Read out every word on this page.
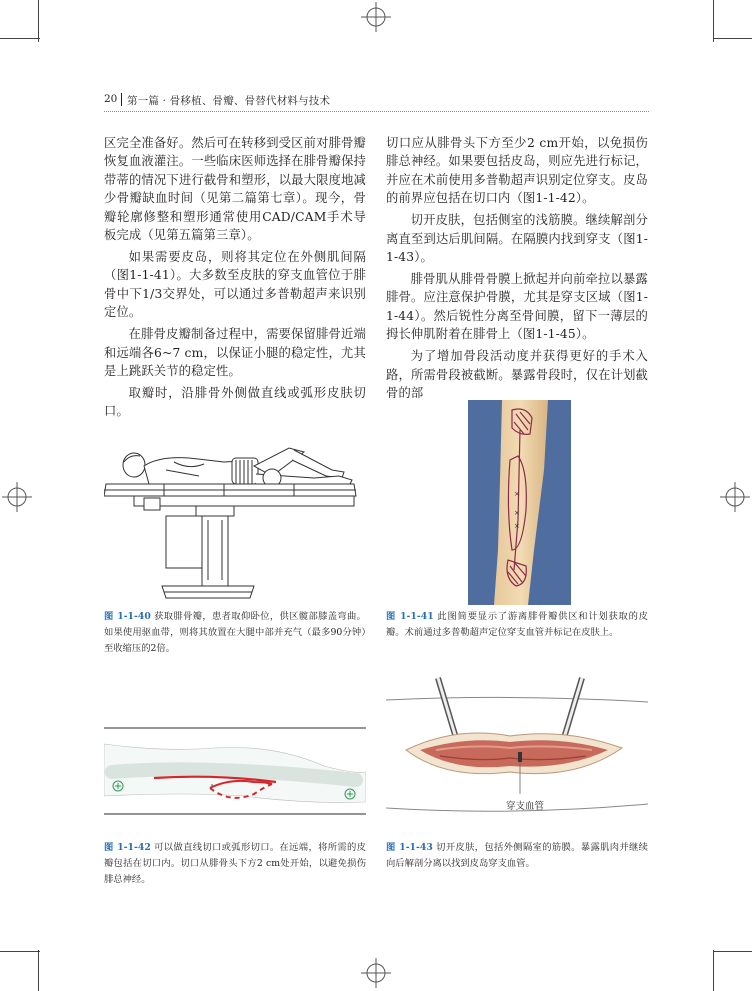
20 第一篇 · 骨移植、骨瓣、骨替代材料与技术

区完全准备好。然后可在转移到受区前对腓骨瓣恢复血液灌注。一些临床医师选择在腓骨瓣保持带蒂的情况下进行截骨和塑形，以最大限度地减少骨瓣缺血时间（见第二篇第七章）。现今，骨瓣轮廓修整和塑形通常使用CAD/CAM手术导板完成（见第五篇第三章）。

如果需要皮岛，则将其定位在外侧肌间隔（图1-1-41）。大多数至皮肤的穿支血管位于腓骨中下1/3交界处，可以通过多普勒超声来识别定位。

在腓骨皮瓣制备过程中，需要保留腓骨近端和远端各6~7 cm，以保证小腿的稳定性，尤其是上跳跃关节的稳定性。

取瓣时，沿腓骨外侧做直线或弧形皮肤切口。

切口应从腓骨头下方至少2 cm开始，以免损伤腓总神经。如果要包括皮岛，则应先进行标记，并应在术前使用多普勒超声识别定位穿支。皮岛的前界应包括在切口内（图1-1-42）。

切开皮肤，包括侧室的浅筋膜。继续解剖分离直至到达后肌间隔。在隔膜内找到穿支（图1-1-43）。

腓骨肌从腓骨骨膜上掀起并向前牵拉以暴露腓骨。应注意保护骨膜，尤其是穿支区域（图1-1-44）。然后锐性分离至骨间膜，留下一薄层的拇长伸肌附着在腓骨上（图1-1-45）。

为了增加骨段活动度并获得更好的手术入路，所需骨段被截断。暴露骨段时，仅在计划截骨的部

×
×
×
穿支血管
图 1-1-40 获取腓骨瓣，患者取仰卧位，供区髋部膝盖弯曲。如果使用驱血带，则将其放置在大腿中部并充气（最多90分钟）至收缩压的2倍。
图 1-1-41 此图简要显示了游离腓骨瓣供区和计划获取的皮瓣。术前通过多普勒超声定位穿支血管并标记在皮肤上。
图 1-1-42 可以做直线切口或弧形切口。在远端，将所需的皮瓣包括在切口内。切口从腓骨头下方2 cm处开始，以避免损伤腓总神经。
图 1-1-43 切开皮肤，包括外侧隔室的筋膜。暴露肌肉并继续向后解剖分离以找到皮岛穿支血管。
